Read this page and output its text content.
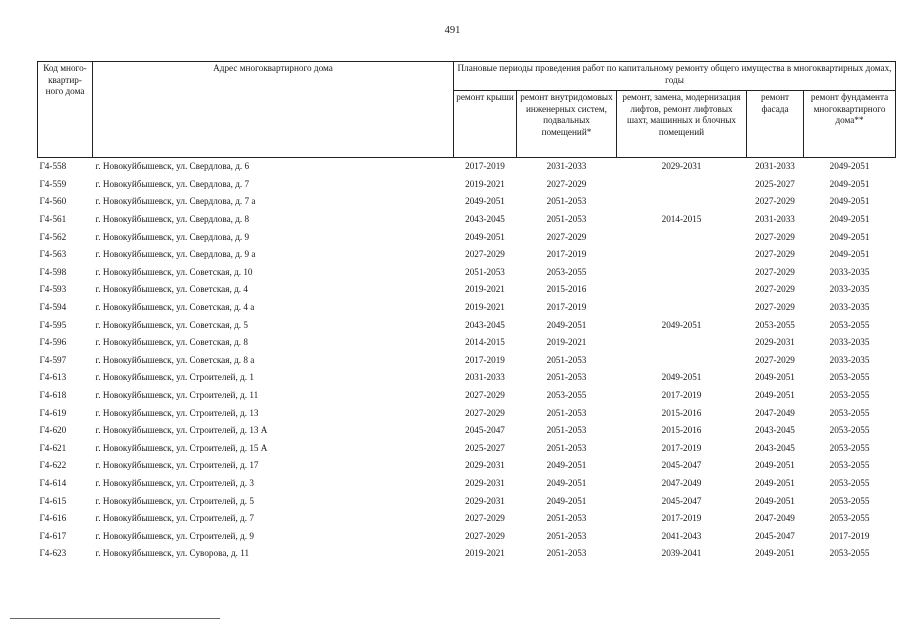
491
Код много-квартир-ного дома	Адрес многоквартирного дома	Плановые периоды проведения работ по капитальному ремонту общего имущества в многоквартирных домах, годы				
		ремонт крыши	ремонт внутридомовых инженерных систем, подвальных помещений*	ремонт, замена, модернизация лифтов, ремонт лифтовых шахт, машинных и блочных помещений	ремонт фасада	ремонт фундамента многоквартирного дома**
Г4-558	г. Новокуйбышевск, ул. Свердлова, д. 6	2017-2019	2031-2033	2029-2031	2031-2033	2049-2051
Г4-559	г. Новокуйбышевск, ул. Свердлова, д. 7	2019-2021	2027-2029		2025-2027	2049-2051
Г4-560	г. Новокуйбышевск, ул. Свердлова, д. 7 а	2049-2051	2051-2053		2027-2029	2049-2051
Г4-561	г. Новокуйбышевск, ул. Свердлова, д. 8	2043-2045	2051-2053	2014-2015	2031-2033	2049-2051
Г4-562	г. Новокуйбышевск, ул. Свердлова, д. 9	2049-2051	2027-2029		2027-2029	2049-2051
Г4-563	г. Новокуйбышевск, ул. Свердлова, д. 9 а	2027-2029	2017-2019		2027-2029	2049-2051
Г4-598	г. Новокуйбышевск, ул. Советская, д. 10	2051-2053	2053-2055		2027-2029	2033-2035
Г4-593	г. Новокуйбышевск, ул. Советская, д. 4	2019-2021	2015-2016		2027-2029	2033-2035
Г4-594	г. Новокуйбышевск, ул. Советская, д. 4 а	2019-2021	2017-2019		2027-2029	2033-2035
Г4-595	г. Новокуйбышевск, ул. Советская, д. 5	2043-2045	2049-2051	2049-2051	2053-2055	2053-2055
Г4-596	г. Новокуйбышевск, ул. Советская, д. 8	2014-2015	2019-2021		2029-2031	2033-2035
Г4-597	г. Новокуйбышевск, ул. Советская, д. 8 а	2017-2019	2051-2053		2027-2029	2033-2035
Г4-613	г. Новокуйбышевск, ул. Строителей, д. 1	2031-2033	2051-2053	2049-2051	2049-2051	2053-2055
Г4-618	г. Новокуйбышевск, ул. Строителей, д. 11	2027-2029	2053-2055	2017-2019	2049-2051	2053-2055
Г4-619	г. Новокуйбышевск, ул. Строителей, д. 13	2027-2029	2051-2053	2015-2016	2047-2049	2053-2055
Г4-620	г. Новокуйбышевск, ул. Строителей, д. 13 А	2045-2047	2051-2053	2015-2016	2043-2045	2053-2055
Г4-621	г. Новокуйбышевск, ул. Строителей, д. 15 А	2025-2027	2051-2053	2017-2019	2043-2045	2053-2055
Г4-622	г. Новокуйбышевск, ул. Строителей, д. 17	2029-2031	2049-2051	2045-2047	2049-2051	2053-2055
Г4-614	г. Новокуйбышевск, ул. Строителей, д. 3	2029-2031	2049-2051	2047-2049	2049-2051	2053-2055
Г4-615	г. Новокуйбышевск, ул. Строителей, д. 5	2029-2031	2049-2051	2045-2047	2049-2051	2053-2055
Г4-616	г. Новокуйбышевск, ул. Строителей, д. 7	2027-2029	2051-2053	2017-2019	2047-2049	2053-2055
Г4-617	г. Новокуйбышевск, ул. Строителей, д. 9	2027-2029	2051-2053	2041-2043	2045-2047	2017-2019
Г4-623	г. Новокуйбышевск, ул. Суворова, д. 11	2019-2021	2051-2053	2039-2041	2049-2051	2053-2055
